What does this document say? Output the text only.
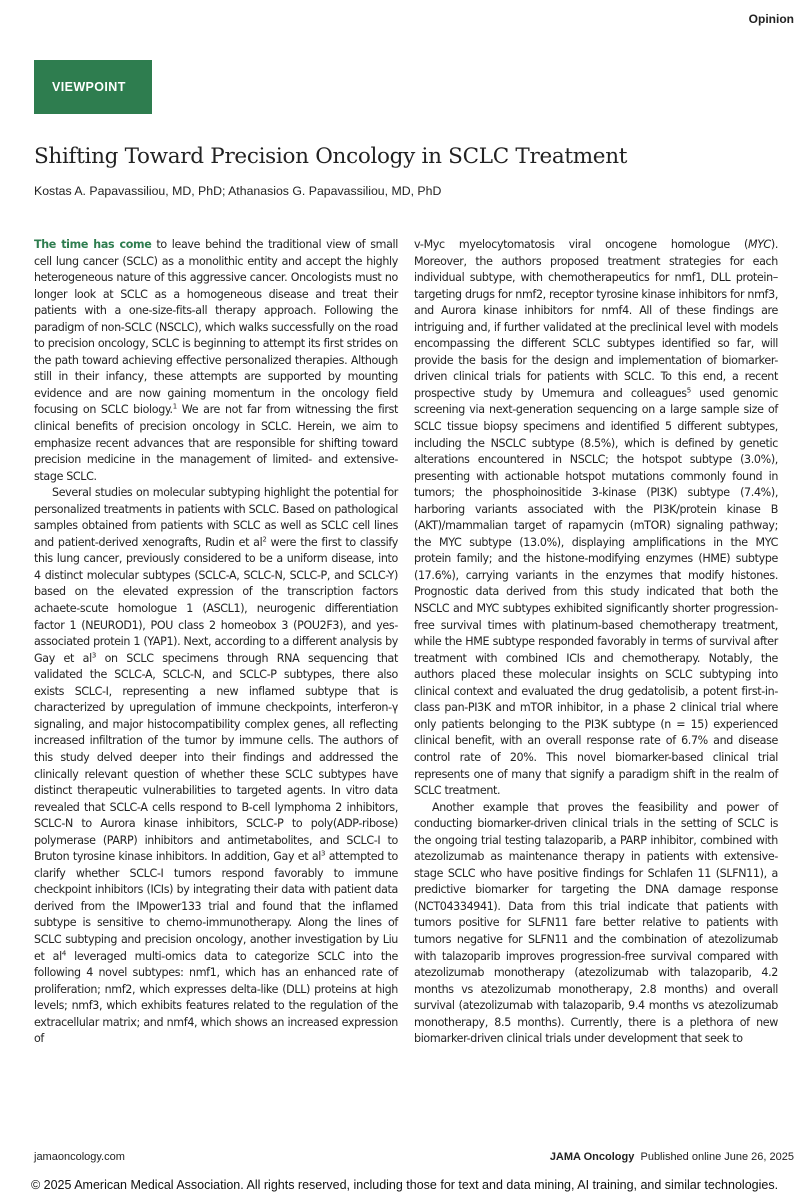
Opinion
VIEWPOINT
Shifting Toward Precision Oncology in SCLC Treatment
Kostas A. Papavassiliou, MD, PhD; Athanasios G. Papavassiliou, MD, PhD

The time has come to leave behind the traditional view of small cell lung cancer (SCLC) as a monolithic entity and accept the highly heterogeneous nature of this aggressive cancer. Oncologists must no longer look at SCLC as a homogeneous disease and treat their patients with a one-size-fits-all therapy approach. Following the paradigm of non-SCLC (NSCLC), which walks successfully on the road to precision oncology, SCLC is beginning to attempt its first strides on the path toward achieving effective personalized therapies. Although still in their infancy, these attempts are supported by mounting evidence and are now gaining momentum in the oncology field focusing on SCLC biology.$^1$ We are not far from witnessing the first clinical benefits of precision oncology in SCLC. Herein, we aim to emphasize recent advances that are responsible for shifting toward precision medicine in the management of limited- and extensive-stage SCLC.

Several studies on molecular subtyping highlight the potential for personalized treatments in patients with SCLC. Based on pathological samples obtained from patients with SCLC as well as SCLC cell lines and patient-derived xenografts, Rudin et $al^2$ were the first to classify this lung cancer, previously considered to be a uniform disease, into 4 distinct molecular subtypes (SCLC-A, SCLC-N, SCLC-P, and SCLC-Y) based on the elevated expression of the transcription factors achaete-scute homologue 1 (ASCL1), neurogenic differentiation factor 1 (NEUROD1), POU class 2 homeobox 3 (POU2F3), and yes-associated protein 1 (YAP1). Next, according to a different analysis by Gay et $al^3$ on SCLC specimens through RNA sequencing that validated the SCLC-A, SCLC-N, and SCLC-P subtypes, there also exists SCLC-I, representing a new inflamed subtype that is characterized by upregulation of immune checkpoints, interferon-γ signaling, and major histocompatibility complex genes, all reflecting increased infiltration of the tumor by immune cells. The authors of this study delved deeper into their findings and addressed the clinically relevant question of whether these SCLC subtypes have distinct therapeutic vulnerabilities to targeted agents. In vitro data revealed that SCLC-A cells respond to B-cell lymphoma 2 inhibitors, SCLC-N to Aurora kinase inhibitors, SCLC-P to poly(ADP-ribose) polymerase (PARP) inhibitors and antimetabolites, and SCLC-I to Bruton tyrosine kinase inhibitors. In addition, Gay et $al^3$ attempted to clarify whether SCLC-I tumors respond favorably to immune checkpoint inhibitors (ICIs) by integrating their data with patient data derived from the IMpower133 trial and found that the inflamed subtype is sensitive to chemo-immunotherapy. Along the lines of SCLC subtyping and precision oncology, another investigation by Liu et $al^4$ leveraged multi-omics data to categorize SCLC into the following 4 novel subtypes: nmf1, which has an enhanced rate of proliferation; nmf2, which expresses delta-like (DLL) proteins at high levels; nmf3, which exhibits features related to the regulation of the extracellular matrix; and nmf4, which shows an increased expression of

v-Myc myelocytomatosis viral oncogene homologue (MYC). Moreover, the authors proposed treatment strategies for each individual subtype, with chemotherapeutics for nmf1, DLL protein–targeting drugs for nmf2, receptor tyrosine kinase inhibitors for nmf3, and Aurora kinase inhibitors for nmf4. All of these findings are intriguing and, if further validated at the preclinical level with models encompassing the different SCLC subtypes identified so far, will provide the basis for the design and implementation of biomarker-driven clinical trials for patients with SCLC. To this end, a recent prospective study by Umemura and colleagues$^5$ used genomic screening via next-generation sequencing on a large sample size of SCLC tissue biopsy specimens and identified 5 different subtypes, including the NSCLC subtype (8.5%), which is defined by genetic alterations encountered in NSCLC; the hotspot subtype (3.0%), presenting with actionable hotspot mutations commonly found in tumors; the phosphoinositide 3-kinase (PI3K) subtype (7.4%), harboring variants associated with the PI3K/protein kinase B (AKT)/mammalian target of rapamycin (mTOR) signaling pathway; the MYC subtype (13.0%), displaying amplifications in the MYC protein family; and the histone-modifying enzymes (HME) subtype (17.6%), carrying variants in the enzymes that modify histones. Prognostic data derived from this study indicated that both the NSCLC and MYC subtypes exhibited significantly shorter progression-free survival times with platinum-based chemotherapy treatment, while the HME subtype responded favorably in terms of survival after treatment with combined ICIs and chemotherapy. Notably, the authors placed these molecular insights on SCLC subtyping into clinical context and evaluated the drug gedatolisib, a potent first-in-class pan-PI3K and mTOR inhibitor, in a phase 2 clinical trial where only patients belonging to the PI3K subtype (n = 15) experienced clinical benefit, with an overall response rate of 6.7% and disease control rate of 20%. This novel biomarker-based clinical trial represents one of many that signify a paradigm shift in the realm of SCLC treatment.

Another example that proves the feasibility and power of conducting biomarker-driven clinical trials in the setting of SCLC is the ongoing trial testing talazoparib, a PARP inhibitor, combined with atezolizumab as maintenance therapy in patients with extensive-stage SCLC who have positive findings for Schlafen 11 (SLFN11), a predictive biomarker for targeting the DNA damage response (NCT04334941). Data from this trial indicate that patients with tumors positive for SLFN11 fare better relative to patients with tumors negative for SLFN11 and the combination of atezolizumab with talazoparib improves progression-free survival compared with atezolizumab monotherapy (atezolizumab with talazoparib, 4.2 months vs atezolizumab monotherapy, 2.8 months) and overall survival (atezolizumab with talazoparib, 9.4 months vs atezolizumab monotherapy, 8.5 months). Currently, there is a plethora of new biomarker-driven clinical trials under development that seek to

jamaoncology.com	JAMA Oncology Published online June 26, 2025
© 2025 American Medical Association. All rights reserved, including those for text and data mining, AI training, and similar technologies.
